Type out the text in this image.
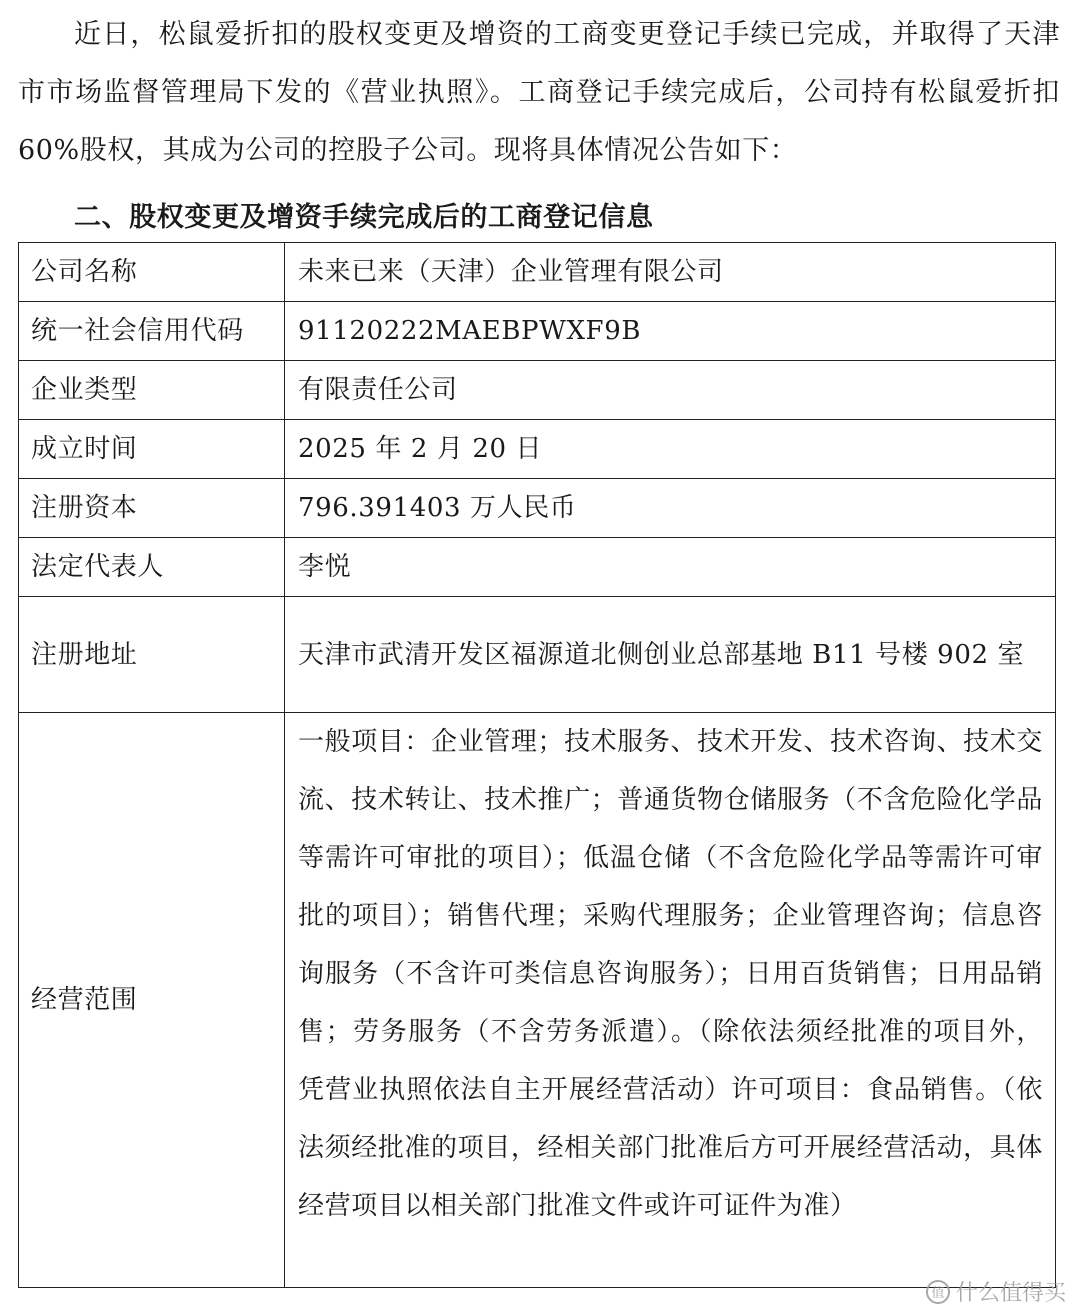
近日，松鼠爱折扣的股权变更及增资的工商变更登记手续已完成，并取得了天津市市场监督管理局下发的《营业执照》。工商登记手续完成后，公司持有松鼠爱折扣 60%股权，其成为公司的控股子公司。现将具体情况公告如下：

二、股权变更及增资手续完成后的工商登记信息
公司名称	未来已来（天津）企业管理有限公司
统一社会信用代码	91120222MAEBPWXF9B
企业类型	有限责任公司
成立时间	2025 年 2 月 20 日
注册资本	796.391403 万人民币
法定代表人	李悦
注册地址	天津市武清开发区福源道北侧创业总部基地 B11 号楼 902 室
经营范围	一般项目：企业管理；技术服务、技术开发、技术咨询、技术交流、技术转让、技术推广；普通货物仓储服务（不含危险化学品等需许可审批的项目）；低温仓储（不含危险化学品等需许可审批的项目）；销售代理；采购代理服务；企业管理咨询；信息咨询服务（不含许可类信息咨询服务）；日用百货销售；日用品销售；劳务服务（不含劳务派遣）。（除依法须经批准的项目外，凭营业执照依法自主开展经营活动）许可项目：食品销售。（依法须经批准的项目，经相关部门批准后方可开展经营活动，具体经营项目以相关部门批准文件或许可证件为准）
值 什么值得买
